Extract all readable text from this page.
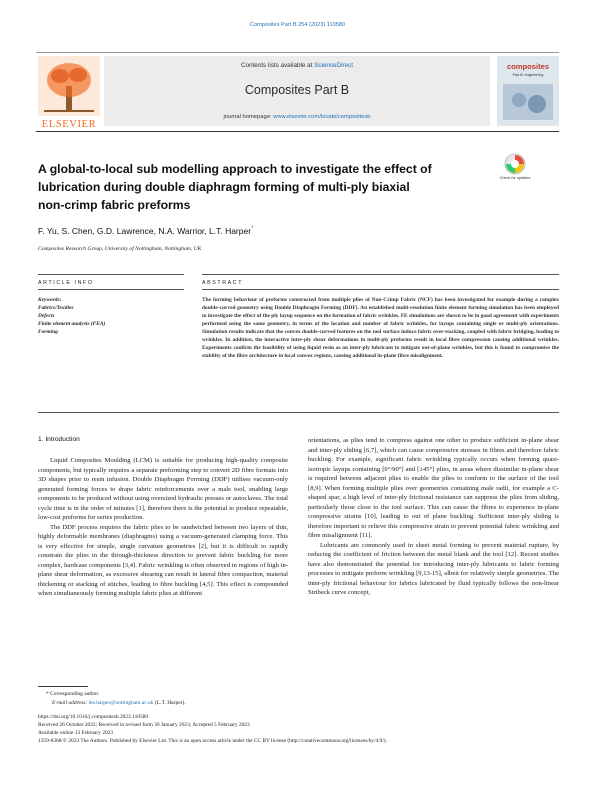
Composites Part B 254 (2023) 110580
ELSEVIER
Contents lists available at ScienceDirect
Composites Part B
journal homepage: www.elsevier.com/locate/compositesb
composites
Part B: engineering
A global-to-local sub modelling approach to investigate the effect of
lubrication during double diaphragm forming of multi-ply biaxial
non-crimp fabric preforms
Check for updates
F. Yu, S. Chen, G.D. Lawrence, N.A. Warrior, L.T. Harper*
Composites Research Group, University of Nottingham, Nottingham, UK
ARTICLE INFO	ABSTRACT
Keywords:
Fabrics/Textiles
Defects
Finite element analysis (FEA)
Forming
The forming behaviour of preforms constructed from multiple plies of Non-Crimp Fabric (NCF) has been investigated for example during a complex double-curved geometry using Double Diaphragm Forming (DDF). An established multi-resolution finite element forming simulation has been employed to investigate the effect of the ply layup sequence on the formation of fabric wrinkles. FE simulations are shown to be in good agreement with experiments performed using the same geometry, in terms of the location and number of fabric wrinkles, for layups containing single or multi-ply orientations. Simulation results indicate that the convex double-curved features on the tool surface induce fabric over-stacking, coupled with fabric bridging, leading to wrinkles. In addition, the interactive inter-ply shear deformations in multi-ply preforms result in local fibre compression causing additional wrinkles. Experiments confirm the feasibility of using liquid resin as an inter-ply lubricant to mitigate out-of-plane wrinkles, but this is found to compromise the stability of the fibre architecture in local convex regions, causing additional in-plane fibre misalignment.
1. Introduction

Liquid Composites Moulding (LCM) is suitable for producing high-quality composite components, but typically requires a separate preforming step to convert 2D fibre formats into 3D shapes prior to resin infusion. Double Diaphragm Forming (DDF) utilises vacuum-only generated forming forces to drape fabric reinforcements over a male tool, enabling large components to be produced without using oversized hydraulic presses or autoclaves. The total cycle time is in the order of minutes [1], therefore there is the potential to produce repeatable, low-cost preforms for series production.

The DDF process requires the fabric plies to be sandwiched between two layers of thin, highly deformable membranes (diaphragms) using a vacuum-generated clamping force. This is very effective for simple, single curvature geometries [2], but it is difficult to rapidly constrain the plies in the through-thickness direction to prevent fabric buckling for more complex, hardcase components [3,4]. Fabric wrinkling is often observed in regions of high in-plane shear deformation, as excessive shearing can result in lateral fibre compaction, material thickening or stacking of stitches, leading to fibre buckling [4,5]. This effect is compounded when simultaneously forming multiple fabric plies at different

orientations, as plies tend to compress against one other to produce sufficient in-plane shear and inter-ply sliding [6,7], which can cause compressive stresses in fibres and therefore fabric buckling. For example, significant fabric wrinkling typically occurs when forming quasi-isotropic layups containing [0°/90°] and [±45°] plies, in areas where dissimilar in-plane shear is required between adjacent plies to enable the plies to conform to the surface of the tool [8,9]. When forming multiple plies over geometries containing male radii, for example a C-shaped spar, a high level of inter-ply frictional resistance can suppress the plies from sliding, particularly those close to the tool surface. This can cause the fibres to experience in-plane compressive strains [10], leading to out of plane buckling. Sufficient inter-ply sliding is therefore important to relieve this compressive strain to prevent potential fabric wrinkling and fibre misalignment [11].

Lubricants are commonly used in sheet metal forming to prevent material rupture, by reducing the coefficient of friction between the metal blank and the tool [12]. Recent studies have also demonstrated the potential for introducing inter-ply lubricants to fabric forming processes to mitigate preform wrinkling [9,13-15], albeit for relatively simple geometries. The inter-ply frictional behaviour for fabrics lubricated by fluid typically follows the non-linear Stribeck curve concept,

* Corresponding author.
E-mail address: lee.harper@nottingham.ac.uk (L.T. Harper).
https://doi.org/10.1016/j.compositesb.2023.110580
Received 26 October 2022; Received in revised form 30 January 2023; Accepted 5 February 2023
Available online 13 February 2023
1359-8368/© 2023 The Authors. Published by Elsevier Ltd. This is an open access article under the CC BY license (http://creativecommons.org/licenses/by/4.0/).
